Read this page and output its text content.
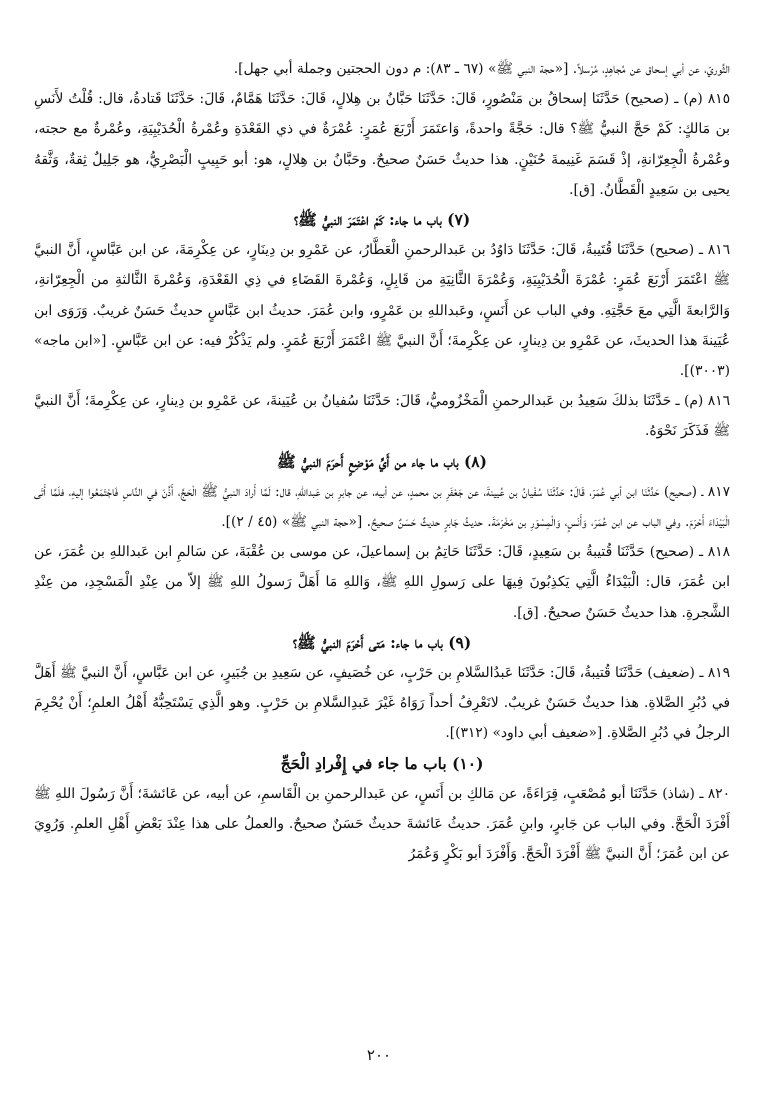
الثَّوريّ، عن أبي إسحاق عن مُجاهِدٍ، مُرْسلاً. [«حجة النبي ﷺ» (٦٧ ـ ٨٣): م دون الحجتين وجملة أبي جهل].

٨١٥ (م) ـ (صحيح) حَدَّثَنَا إسحاقُ بن مَنْصُورٍ، قَالَ: حَدَّثَنَا حَبَّانُ بن هِلالٍ، قَالَ: حَدَّثَنَا هَمَّامٌ، قَالَ: حَدَّثَنَا قَتادةُ، قال: قُلْتُ لأَنَسِ بن مَالكٍ: كَمْ حَجَّ النبيُّ ﷺ؟ قال: حَجَّةً واحدةً، وَاعتَمَرَ أَرْبَعَ عُمَرٍ: عُمْرَةٌ في ذي القَعْدَةِ وعُمْرةُ الْحُدَيْبِيَةِ، وعُمْرةٌ مع حجته، وعُمْرةُ الْجِعِرّانةِ، إذْ قَسَمَ غَنِيمةَ حُنَيْنٍ. هذا حديثٌ حَسَنٌ صحيحٌ. وحَبَّانُ بن هِلالٍ، هو: أبو حَبِيبٍ الْبَصْرِيُّ، هو جَلِيلٌ ثِقةٌ، وَثَّقهُ يحيى بن سَعِيدٍ الْقَطَّانُ. [ق].

(٧) باب ما جاء: كَمْ اعْتَمَرَ النبيُّ ﷺ؟

٨١٦ ـ (صحيح) حَدَّثَنَا قُتَيبةُ، قَالَ: حَدَّثَنَا دَاوُدُ بن عَبدالرحمنِ الْعَطَّارُ، عن عَمْرِو بن دِينَارٍ، عن عِكْرِمَةَ، عن ابن عَبَّاسٍ، أَنَّ النبيَّ ﷺ اعْتَمَرَ أَرْبَعَ عُمَرٍ: عُمْرَةَ الْحُدَيْبِيَةِ، وَعُمْرَةَ الثَّانِيَةِ من قَابِلٍ، وَعُمْرةَ القَضَاءِ في ذِي القَعْدَةِ، وَعُمْرةَ الثَّالثةِ من الْجِعِرّانةِ، وَالرَّابعةَ الَّتِي معَ حَجَّتِهِ. وفي الباب عن أَنَسٍ، وعَبداللهِ بن عَمْرٍو، وابن عُمَرَ. حديثُ ابن عَبَّاسٍ حديثٌ حَسَنٌ غريبٌ. وَرَوَى ابن عُيَينةَ هذا الحديثَ، عن عَمْرِو بن دِينارٍ، عن عِكْرِمةَ؛ أَنَّ النبيَّ ﷺ اعْتَمَرَ أَرْبَعَ عُمَرٍ. ولم يَذْكُرْ فيه: عن ابن عَبَّاسٍ. [«ابن ماجه» (٣٠٠٣)].

٨١٦ (م) ـ حَدَّثَنَا بذلكَ سَعِيدُ بن عَبدالرحمنِ الْمَخْزُوميُّ، قَالَ: حَدَّثَنَا سُفيانُ بن عُيَينةَ، عن عَمْرِو بن دِينارٍ، عن عِكْرِمةَ؛ أَنَّ النبيَّ ﷺ فَذَكَرَ نَحْوَهُ.

(٨) باب ما جاء من أَيِّ مَوْضِعٍ أَحرَمَ النبيُّ ﷺ

٨١٧ ـ (صحيح) حَدَّثَنَا ابن أبي عُمَرَ، قَالَ: حَدَّثَنَا سُفْيانُ بن عُيينةَ، عن جَعْفَرِ بن محمدٍ، عن أبيه، عن جابرِ بن عَبداللهِ، قال: لَمَّا أَرادَ النبيُّ ﷺ الْحَجَّ، أَذَّنَ في النَّاسِ فَاجْتَمَعُوا إليهِ، فلَمَّا أَتَى الْبَيْدَاءَ أَحْرَمَ. وفي الباب عن ابن عُمَرَ، وَأَنَسٍ، وَالْمِسْوَرِ بن مَخْرَمَةَ. حديثُ جَابرٍ حديثٌ حَسَنٌ صحيحٌ. [«حجة النبي ﷺ» (٤٥ / ٢)].

٨١٨ ـ (صحيح) حَدَّثَنَا قُتيبةُ بن سَعِيدٍ، قَالَ: حَدَّثَنَا حَاتِمُ بن إسماعيلَ، عن موسى بن عُقْبَةَ، عن سَالمِ ابن عَبداللهِ بن عُمَرَ، عن ابن عُمَرَ، قال: الْبَيْدَاءُ الَّتِي يَكذِبُونَ فِيهَا على رَسولِ اللهِ ﷺ، وَاللهِ مَا أَهَلَّ رَسولُ اللهِ ﷺ إلاّ من عِنْدِ الْمَسْجِدِ، من عِنْدِ الشَّجرةِ. هذا حديثٌ حَسَنٌ صحيحٌ. [ق].

(٩) باب ما جاء: مَتى أَحْرَمَ النبيُّ ﷺ؟

٨١٩ ـ (ضعيف) حَدَّثَنَا قُتيبةُ، قَالَ: حَدَّثَنَا عَبدُالسَّلامِ بن حَرْبٍ، عن خُصَيفٍ، عن سَعِيدِ بن جُبَيرٍ، عن ابن عَبَّاسٍ، أَنَّ النبيَّ ﷺ أَهَلَّ في دُبُرِ الصَّلاةِ. هذا حديثٌ حَسَنٌ غريبٌ. لانَعْرِفُ أحداً رَوَاهُ غَيْرَ عَبدِالسَّلامِ بن حَرْبٍ. وهو الَّذِي يَسْتَحِبُّهُ أَهْلُ العلمِ؛ أَنْ يُحْرِمَ الرجلُ في دُبُرِ الصَّلاةِ. [«ضعيف أبي داود» (٣١٢)].

(١٠) باب ما جاء في إِفْرادِ الْحَجِّ

٨٢٠ ـ (شاذ) حَدَّثَنَا أبو مُصْعَبٍ، قِرَاءَةً، عن مَالكِ بن أَنَسٍ، عن عَبدالرحمنِ بن الْقَاسمِ، عن أبيه، عن عَائشةَ؛ أَنَّ رَسُولَ اللهِ ﷺ أَفْرَدَ الْحَجَّ. وفي الباب عن جَابرٍ، وابنِ عُمَرَ. حديثُ عَائشةَ حديثٌ حَسَنٌ صحيحٌ. والعملُ على هذا عِنْدَ بَعْضِ أَهْلِ العلمِ. وَرُوِيَ عن ابن عُمَرَ؛ أَنَّ النبيَّ ﷺ أَفْرَدَ الْحَجَّ. وَأَفْرَدَ أبو بَكْرٍ وَعُمَرُ

٢٠٠
